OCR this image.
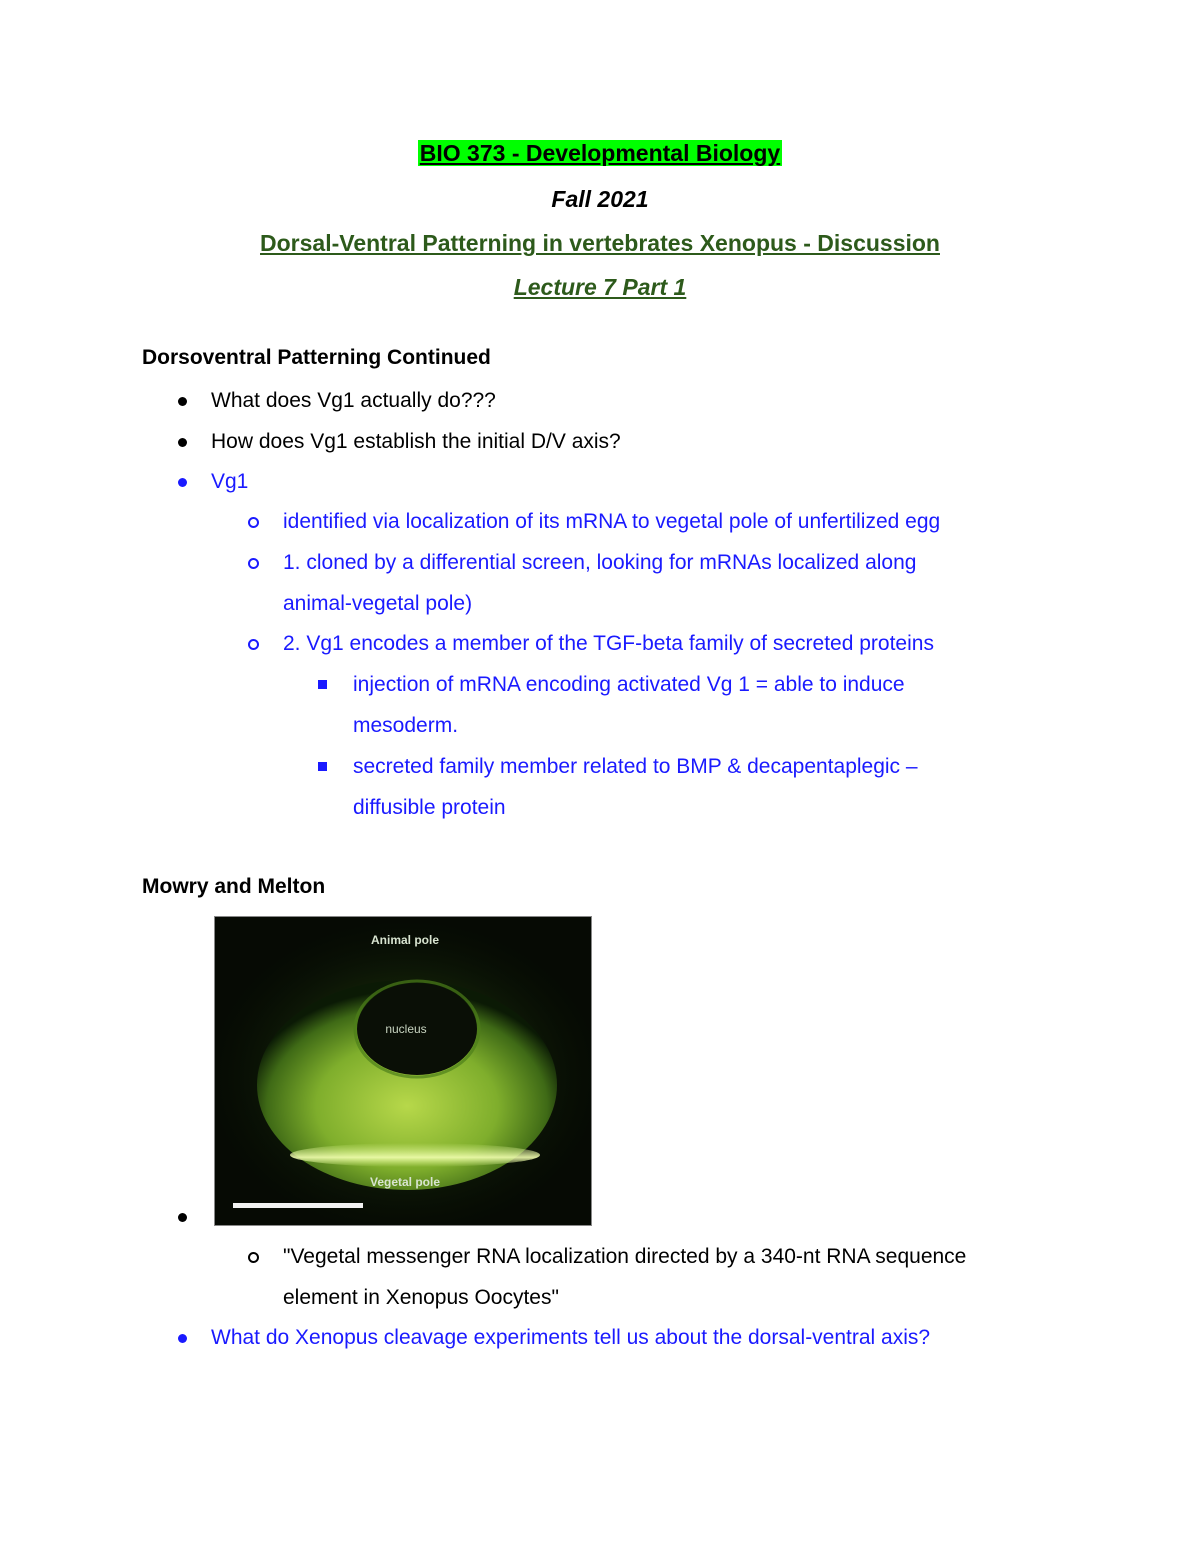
BIO 373 - Developmental Biology
Fall 2021
Dorsal-Ventral Patterning in vertebrates Xenopus - Discussion
Lecture 7 Part 1
Dorsoventral Patterning Continued
What does Vg1 actually do???
How does Vg1 establish the initial D/V axis?
Vg1
identified via localization of its mRNA to vegetal pole of unfertilized egg
1. cloned by a differential screen, looking for mRNAs localized along
animal-vegetal pole)
2. Vg1 encodes a member of the TGF-beta family of secreted proteins
injection of mRNA encoding activated Vg 1 = able to induce
mesoderm.
secreted family member related to BMP & decapentaplegic –
diffusible protein
Mowry and Melton
Animal pole
nucleus
Vegetal pole
"Vegetal messenger RNA localization directed by a 340-nt RNA sequence
element in Xenopus Oocytes"
What do Xenopus cleavage experiments tell us about the dorsal-ventral axis?
